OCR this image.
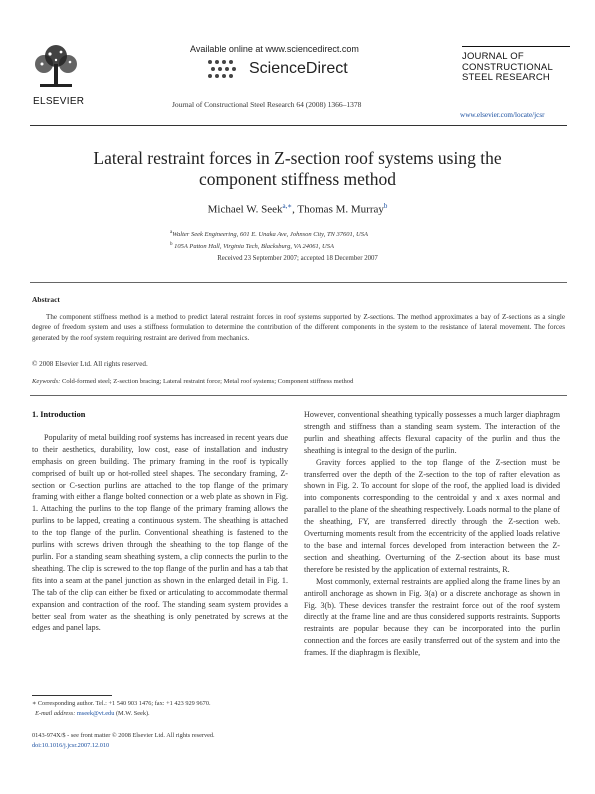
ELSEVIER
Available online at www.sciencedirect.com
ScienceDirect
Journal of Constructional Steel Research 64 (2008) 1366–1378
JOURNAL OF
CONSTRUCTIONAL
STEEL RESEARCH
www.elsevier.com/locate/jcsr
Lateral restraint forces in Z-section roof systems using the component stiffness method
Michael W. Seek$^{a,∗}$, Thomas M. Murray$^b$
$^a$Walter Seek Engineering, 601 E. Unaka Ave, Johnson City, TN 37601, USA
$^b$ 105A Patton Hall, Virginia Tech, Blacksburg, VA 24061, USA
Received 23 September 2007; accepted 18 December 2007
Abstract
The component stiffness method is a method to predict lateral restraint forces in roof systems supported by Z-sections. The method approximates a bay of Z-sections as a single degree of freedom system and uses a stiffness formulation to determine the contribution of the different components in the system to the resistance of lateral movement. The forces generated by the roof system requiring restraint are derived from mechanics.
© 2008 Elsevier Ltd. All rights reserved.
Keywords: Cold-formed steel; Z-section bracing; Lateral restraint force; Metal roof systems; Component stiffness method
1. Introduction

Popularity of metal building roof systems has increased in recent years due to their aesthetics, durability, low cost, ease of installation and industry emphasis on green building. The primary framing in the roof is typically comprised of built up or hot-rolled steel shapes. The secondary framing, Z-section or C-section purlins are attached to the top flange of the primary framing with either a flange bolted connection or a web plate as shown in Fig. 1. Attaching the purlins to the top flange of the primary framing allows the purlins to be lapped, creating a continuous system. The sheathing is attached to the top flange of the purlin. Conventional sheathing is fastened to the purlins with screws driven through the sheathing to the top flange of the purlin. For a standing seam sheathing system, a clip connects the purlin to the sheathing. The clip is screwed to the top flange of the purlin and has a tab that fits into a seam at the panel junction as shown in the enlarged detail in Fig. 1. The tab of the clip can either be fixed or articulating to accommodate thermal expansion and contraction of the roof. The standing seam system provides a better seal from water as the sheathing is only penetrated by screws at the edges and panel laps.

However, conventional sheathing typically possesses a much larger diaphragm strength and stiffness than a standing seam system. The interaction of the purlin and sheathing affects flexural capacity of the purlin and thus the sheathing is integral to the design of the purlin.

Gravity forces applied to the top flange of the Z-section must be transferred over the depth of the Z-section to the top of rafter elevation as shown in Fig. 2. To account for slope of the roof, the applied load is divided into components corresponding to the centroidal y and x axes normal and parallel to the plane of the sheathing respectively. Loads normal to the plane of the sheathing, FY, are transferred directly through the Z-section web. Overturning moments result from the eccentricity of the applied loads relative to the base and internal forces developed from interaction between the Z-section and sheathing. Overturning of the Z-section about its base must therefore be resisted by the application of external restraints, R.

Most commonly, external restraints are applied along the frame lines by an antiroll anchorage as shown in Fig. 3(a) or a discrete anchorage as shown in Fig. 3(b). These devices transfer the restraint force out of the roof system directly at the frame line and are thus considered supports restraints. Supports restraints are popular because they can be incorporated into the purlin connection and the forces are easily transferred out of the system and into the frames. If the diaphragm is flexible,

∗ Corresponding author. Tel.: +1 540 903 1476; fax: +1 423 929 9670.
E-mail address: mseek@vt.edu (M.W. Seek).
0143-974X/$ - see front matter © 2008 Elsevier Ltd. All rights reserved.
doi:10.1016/j.jcsr.2007.12.010
